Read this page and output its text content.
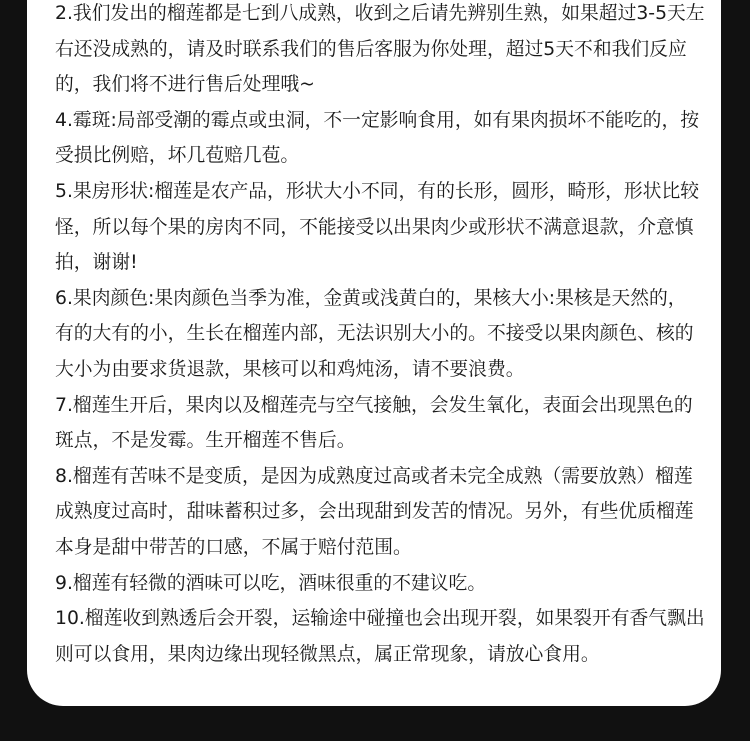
2.我们发出的榴莲都是七到八成熟，收到之后请先辨别生熟，如果超过3-5天左右还没成熟的，请及时联系我们的售后客服为你处理，超过5天不和我们反应的，我们将不进行售后处理哦~
4.霉斑:局部受潮的霉点或虫洞，不一定影响食用，如有果肉损坏不能吃的，按受损比例赔，坏几苞赔几苞。
5.果房形状:榴莲是农产品，形状大小不同，有的长形，圆形，畸形，形状比较怪，所以每个果的房肉不同，不能接受以出果肉少或形状不满意退款，介意慎拍，谢谢!
6.果肉颜色:果肉颜色当季为准，金黄或浅黄白的，果核大小:果核是天然的，有的大有的小，生长在榴莲内部，无法识别大小的。不接受以果肉颜色、核的大小为由要求货退款，果核可以和鸡炖汤，请不要浪费。
7.榴莲生开后，果肉以及榴莲壳与空气接触，会发生氧化，表面会出现黑色的斑点，不是发霉。生开榴莲不售后。
8.榴莲有苦味不是变质，是因为成熟度过高或者未完全成熟（需要放熟）榴莲成熟度过高时，甜味蓄积过多，会出现甜到发苦的情况。另外，有些优质榴莲本身是甜中带苦的口感，不属于赔付范围。
9.榴莲有轻微的酒味可以吃，酒味很重的不建议吃。
10.榴莲收到熟透后会开裂，运输途中碰撞也会出现开裂，如果裂开有香气飘出则可以食用，果肉边缘出现轻微黑点，属正常现象，请放心食用。
